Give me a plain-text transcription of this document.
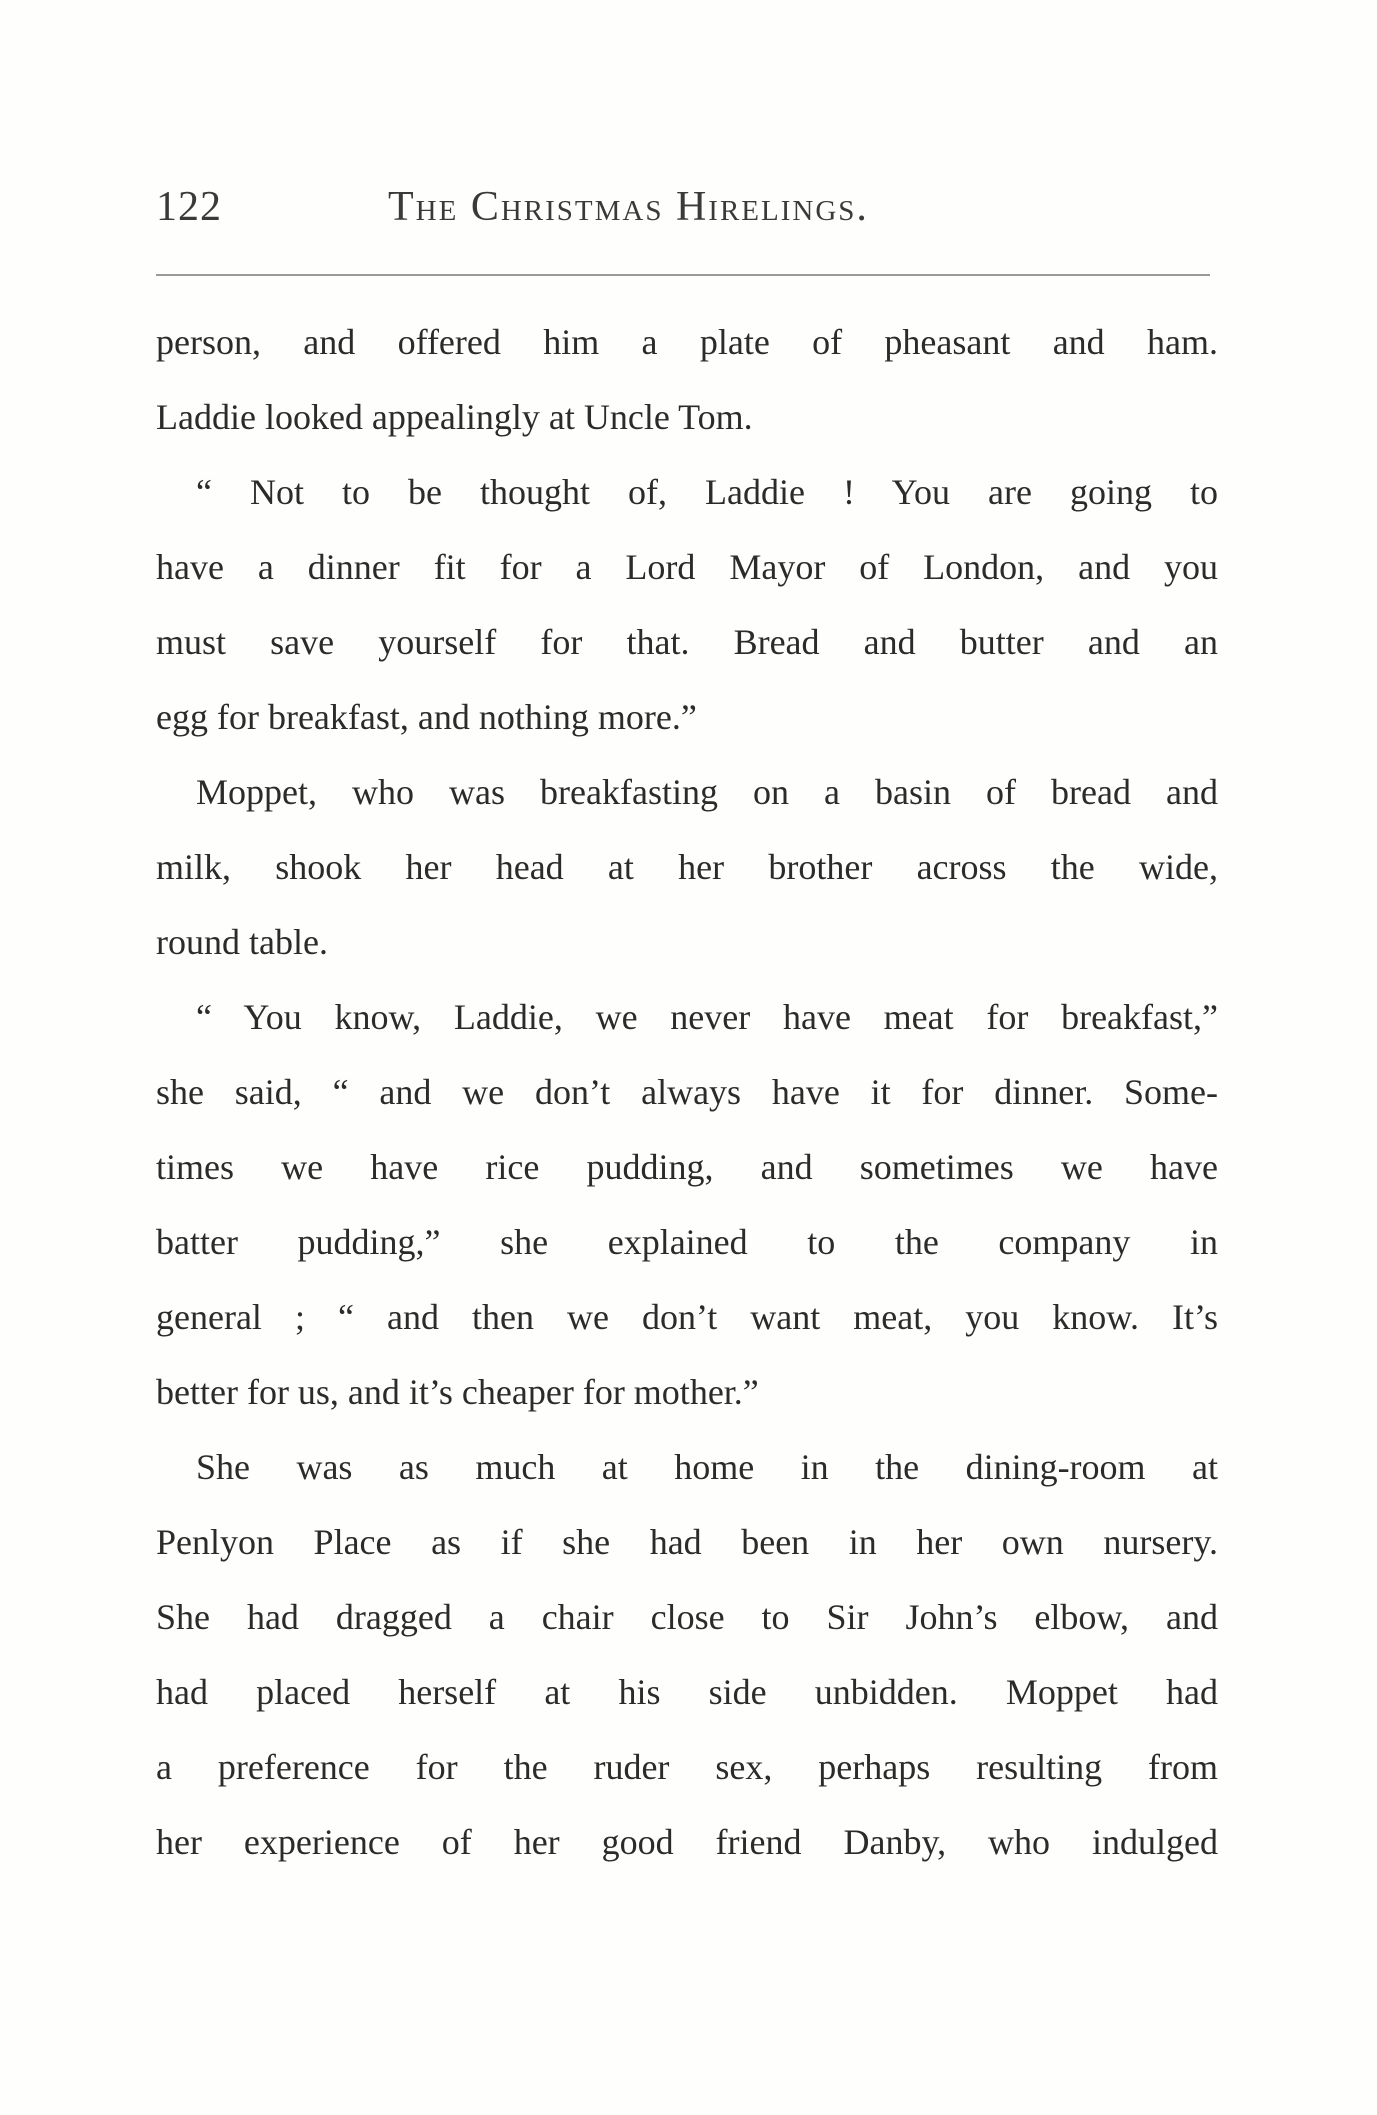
122	The Christmas Hirelings.
person, and offered him a plate of pheasant and ham.
Laddie looked appealingly at Uncle Tom.
“ Not to be thought of, Laddie ! You are going to
have a dinner fit for a Lord Mayor of London, and you
must save yourself for that. Bread and butter and an
egg for breakfast, and nothing more.”
Moppet, who was breakfasting on a basin of bread and
milk, shook her head at her brother across the wide,
round table.
“ You know, Laddie, we never have meat for breakfast,”
she said, “ and we don’t always have it for dinner. Some-
times we have rice pudding, and sometimes we have
batter pudding,” she explained to the company in
general ; “ and then we don’t want meat, you know. It’s
better for us, and it’s cheaper for mother.”
She was as much at home in the dining-room at
Penlyon Place as if she had been in her own nursery.
She had dragged a chair close to Sir John’s elbow, and
had placed herself at his side unbidden. Moppet had
a preference for the ruder sex, perhaps resulting from
her experience of her good friend Danby, who indulged
